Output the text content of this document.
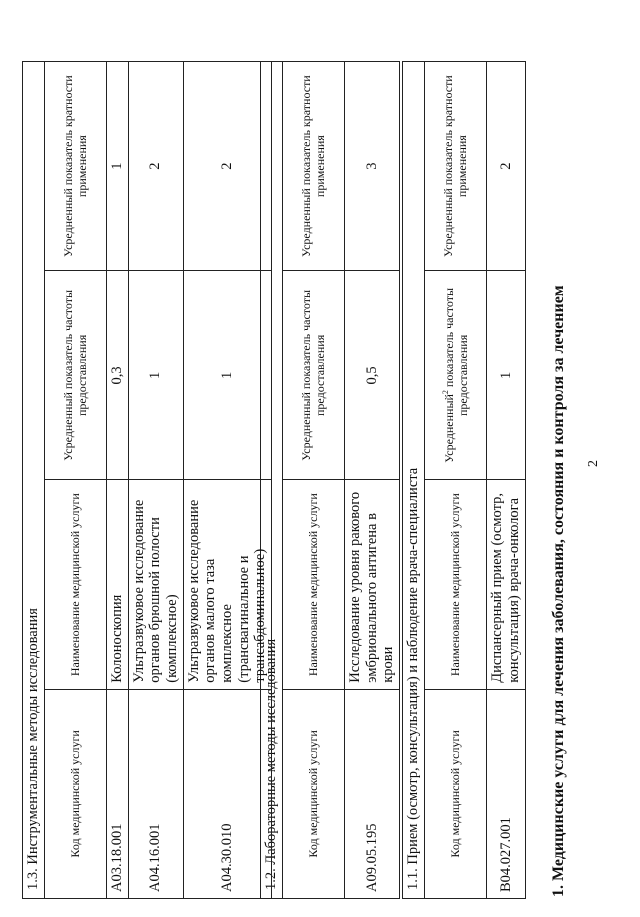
2
1. Медицинские услуги для лечения заболевания, состояния и контроля за лечением
1.1. Прием (осмотр, консультация) и наблюдение врача-специалиста			
Код медицинской услуги	Наименование медицинской услуги	Усредненный$^2$ показатель частоты предоставления	Усредненный показатель кратности применения
B04.027.001	Диспансерный прием (осмотр, консультация) врача-онколога	1	2
1.2. Лабораторные методы исследования			
Код медицинской услуги	Наименование медицинской услуги	Усредненный показатель частоты предоставления	Усредненный показатель кратности применения
A09.05.195	Исследование уровня ракового эмбрионального антигена в крови	0,5	3
1.3. Инструментальные методы исследования			
Код медицинской услуги	Наименование медицинской услуги	Усредненный показатель частоты предоставления	Усредненный показатель кратности применения
A03.18.001	Колоноскопия	0,3	1
A04.16.001	Ультразвуковое исследование органов брюшной полости (комплексное)	1	2
A04.30.010	Ультразвуковое исследование органов малого таза комплексное (трансвагинальное и трансабдоминальное)	1	2
